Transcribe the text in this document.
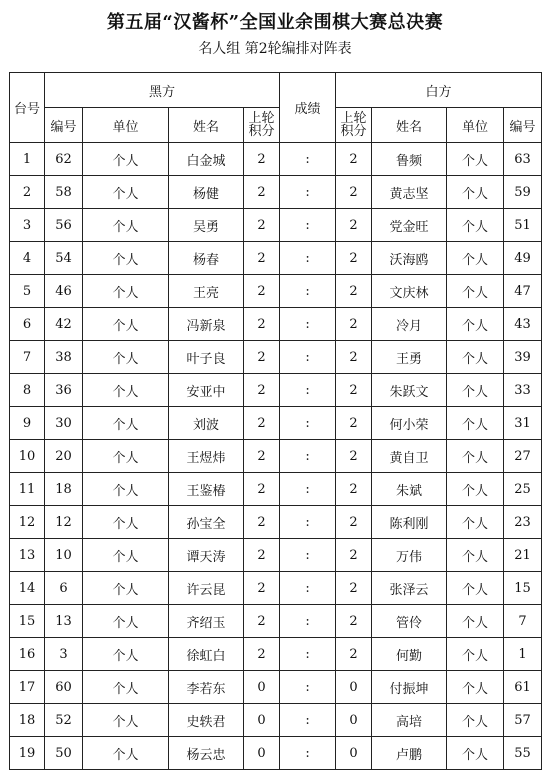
第五届“汉酱杯”全国业余围棋大赛总决赛
名人组 第2轮编排对阵表
台号	黑方				成绩	白方			
	编号	单位	姓名	上轮积分		上轮积分	姓名	单位	编号
1	62	个人	白金城	2	:	2	鲁频	个人	63
2	58	个人	杨健	2	:	2	黄志坚	个人	59
3	56	个人	吴勇	2	:	2	党金旺	个人	51
4	54	个人	杨春	2	:	2	沃海鸥	个人	49
5	46	个人	王亮	2	:	2	文庆林	个人	47
6	42	个人	冯新泉	2	:	2	冷月	个人	43
7	38	个人	叶子良	2	:	2	王勇	个人	39
8	36	个人	安亚中	2	:	2	朱跃文	个人	33
9	30	个人	刘波	2	:	2	何小荣	个人	31
10	20	个人	王煜炜	2	:	2	黄自卫	个人	27
11	18	个人	王鉴椿	2	:	2	朱斌	个人	25
12	12	个人	孙宝全	2	:	2	陈利刚	个人	23
13	10	个人	谭天涛	2	:	2	万伟	个人	21
14	6	个人	许云昆	2	:	2	张泽云	个人	15
15	13	个人	齐绍玉	2	:	2	管伶	个人	7
16	3	个人	徐虹白	2	:	2	何勤	个人	1
17	60	个人	李若东	0	:	0	付振坤	个人	61
18	52	个人	史轶君	0	:	0	高培	个人	57
19	50	个人	杨云忠	0	:	0	卢鹏	个人	55
